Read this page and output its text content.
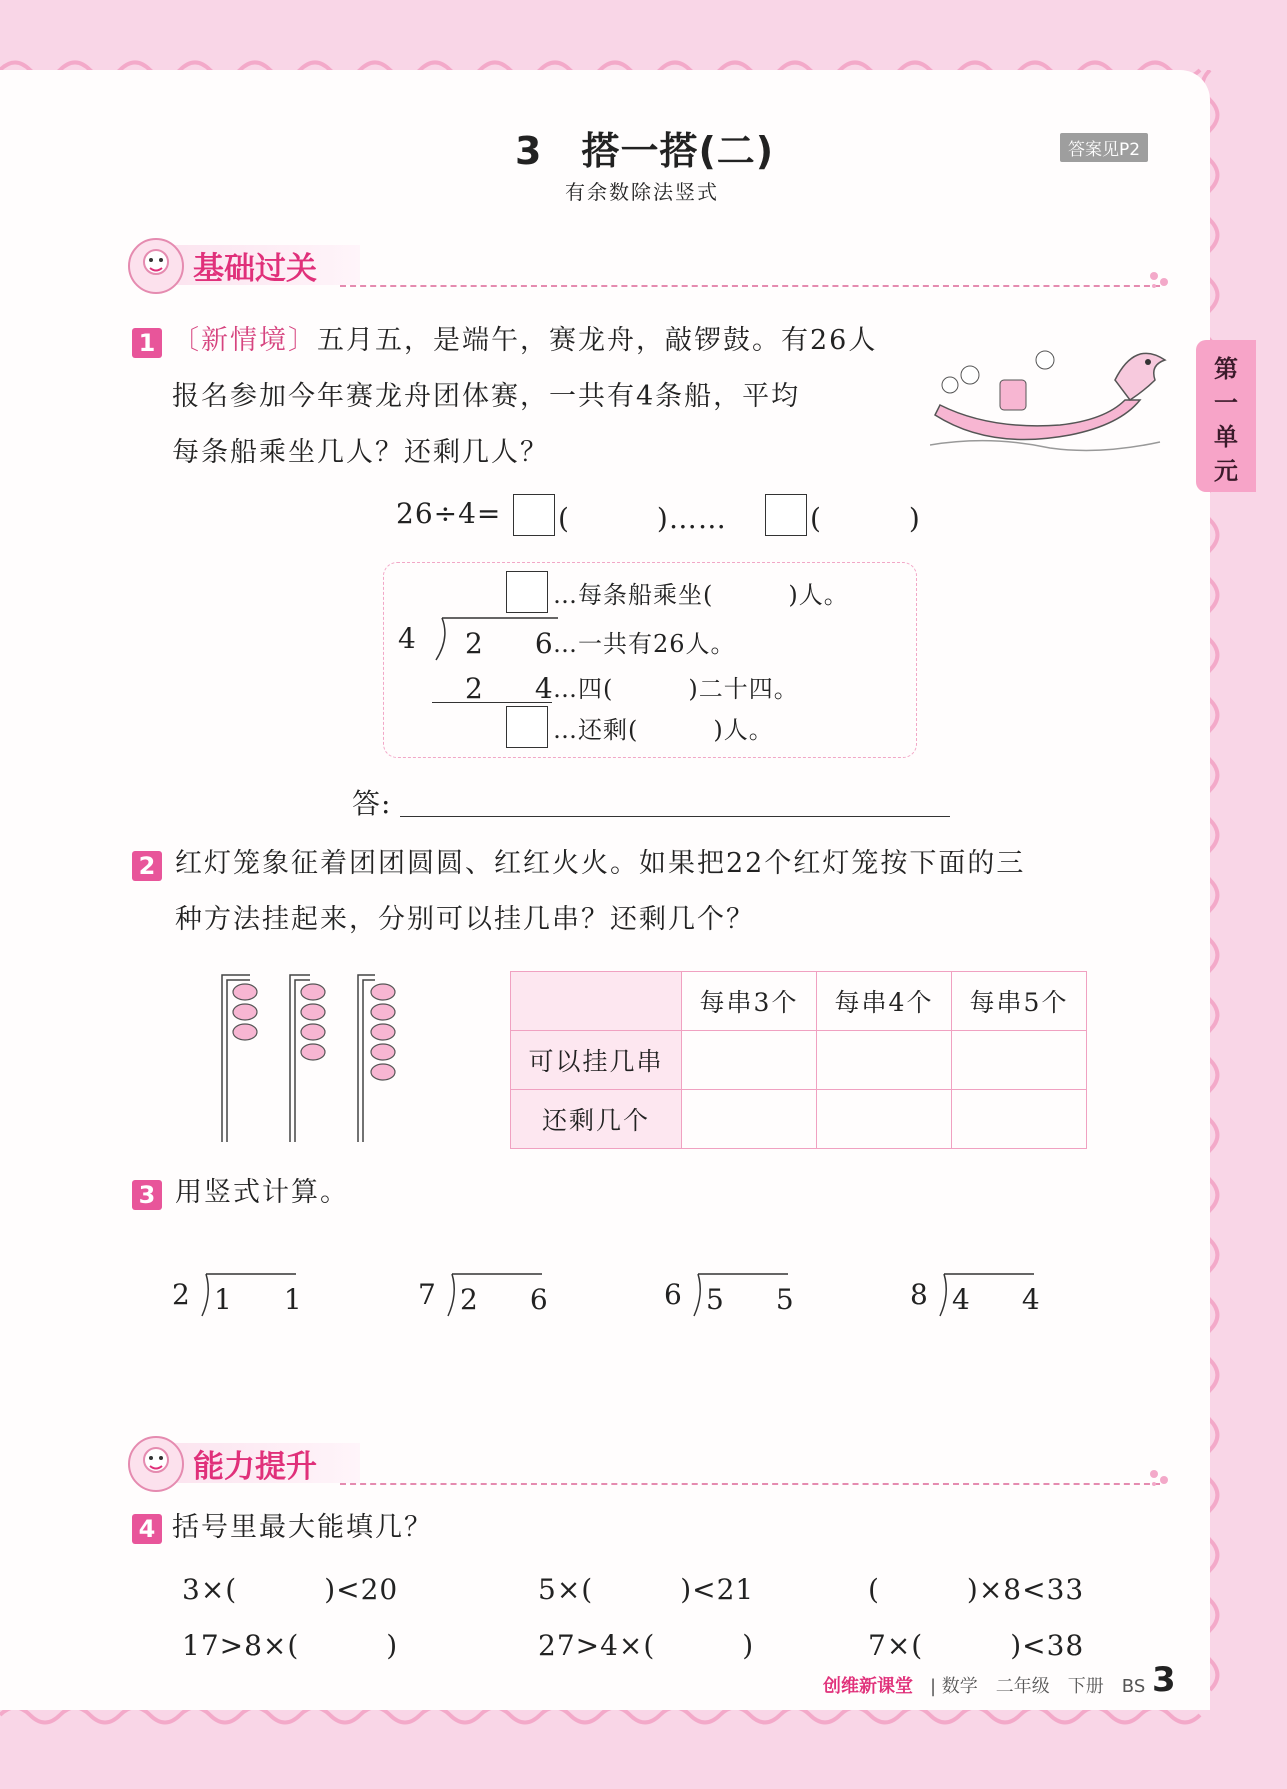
3　搭一搭(二)
有余数除法竖式
答案见P2
第
一
单
元
基础过关
1 〔新情境〕五月五，是端午，赛龙舟，敲锣鼓。有26人
报名参加今年赛龙舟团体赛，一共有4条船，平均
每条船乘坐几人？还剩几人？
26÷4= (　　　)……	(　　　)
…每条船乘坐(　　　)人。
4 2　6
…一共有26人。
2　4
…四(　　　)二十四。
…还剩(　　　)人。
答:
2 红灯笼象征着团团圆圆、红红火火。如果把22个红灯笼按下面的三
种方法挂起来，分别可以挂几串？还剩几个？
	每串3个	每串4个	每串5个
可以挂几串			
还剩几个			
3 用竖式计算。
2 1　1	7 2　6	6 5　5	8 4　4
能力提升
4 括号里最大能填几？
3×(　　　)<20	5×(　　　)<21	(　　　)×8<33
17>8×(　　　)	27>4×(　　　)	7×(　　　)<38
创维新课堂 | 数学　二年级　下册　BS 3
